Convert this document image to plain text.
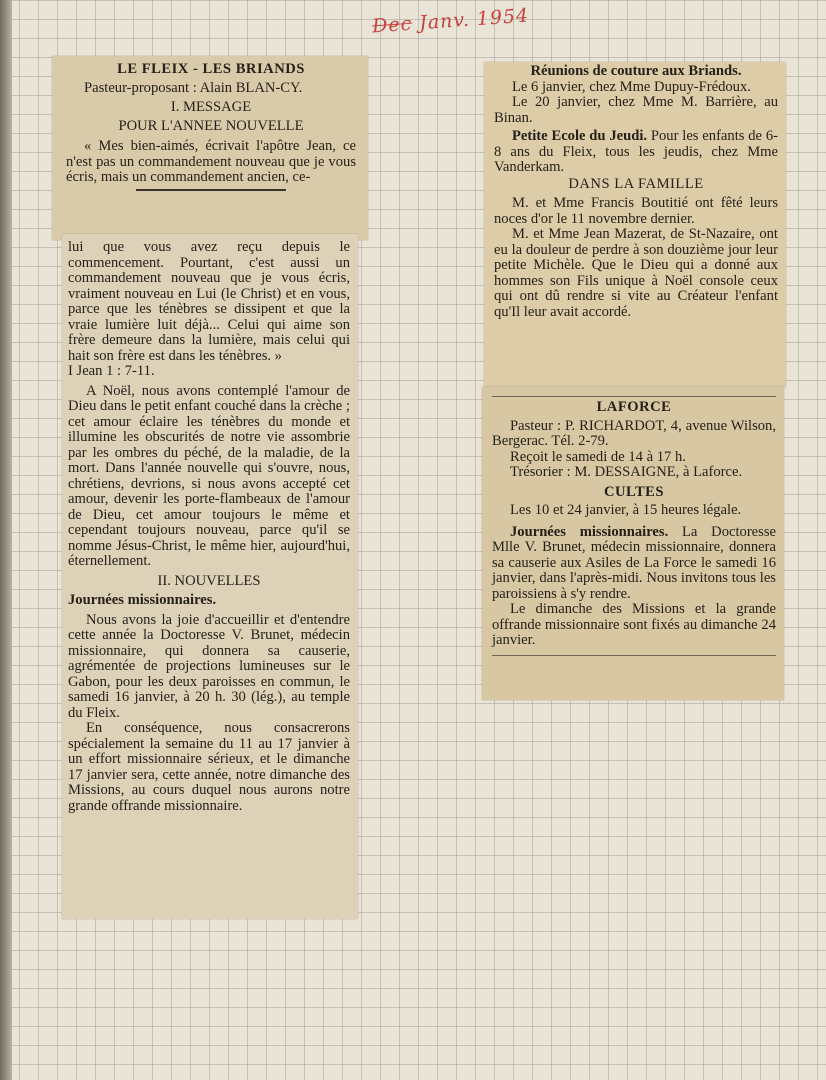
Dec Janv. 1954

LE FLEIX - LES BRIANDS

Pasteur-proposant : Alain BLAN-CY.

I. MESSAGE

POUR L'ANNEE NOUVELLE

« Mes bien-aimés, écrivait l'apôtre Jean, ce n'est pas un commandement nouveau que je vous écris, mais un commandement ancien, ce-

lui que vous avez reçu depuis le commencement. Pourtant, c'est aussi un commandement nouveau que je vous écris, vraiment nouveau en Lui (le Christ) et en vous, parce que les ténèbres se dissipent et que la vraie lumière luit déjà... Celui qui aime son frère demeure dans la lumière, mais celui qui hait son frère est dans les ténèbres. »

I Jean 1 : 7-11.

A Noël, nous avons contemplé l'amour de Dieu dans le petit enfant couché dans la crèche ; cet amour éclaire les ténèbres du monde et illumine les obscurités de notre vie assombrie par les ombres du péché, de la maladie, de la mort. Dans l'année nouvelle qui s'ouvre, nous, chrétiens, devrions, si nous avons accepté cet amour, devenir les porte-flambeaux de l'amour de Dieu, cet amour toujours le même et cependant toujours nouveau, parce qu'il se nomme Jésus-Christ, le même hier, aujourd'hui, éternellement.

II. NOUVELLES

Journées missionnaires.

Nous avons la joie d'accueillir et d'entendre cette année la Doctoresse V. Brunet, médecin missionnaire, qui donnera sa causerie, agrémentée de projections lumineuses sur le Gabon, pour les deux paroisses en commun, le samedi 16 janvier, à 20 h. 30 (lég.), au temple du Fleix.

En conséquence, nous consacrerons spécialement la semaine du 11 au 17 janvier à un effort missionnaire sérieux, et le dimanche 17 janvier sera, cette année, notre dimanche des Missions, au cours duquel nous aurons notre grande offrande missionnaire.

Réunions de couture aux Briands.

Le 6 janvier, chez Mme Dupuy-Frédoux.

Le 20 janvier, chez Mme M. Barrière, au Binan.

Petite Ecole du Jeudi. Pour les enfants de 6-8 ans du Fleix, tous les jeudis, chez Mme Vanderkam.

DANS LA FAMILLE

M. et Mme Francis Boutitié ont fêté leurs noces d'or le 11 novembre dernier.

M. et Mme Jean Mazerat, de St-Nazaire, ont eu la douleur de perdre à son douzième jour leur petite Michèle. Que le Dieu qui a donné aux hommes son Fils unique à Noël console ceux qui ont dû rendre si vite au Créateur l'enfant qu'Il leur avait accordé.

LAFORCE

Pasteur : P. RICHARDOT, 4, avenue Wilson, Bergerac. Tél. 2-79.

Reçoit le samedi de 14 à 17 h.

Trésorier : M. DESSAIGNE, à Laforce.

CULTES

Les 10 et 24 janvier, à 15 heures légale.

Journées missionnaires. La Doctoresse Mlle V. Brunet, médecin missionnaire, donnera sa causerie aux Asiles de La Force le samedi 16 janvier, dans l'après-midi. Nous invitons tous les paroissiens à s'y rendre.

Le dimanche des Missions et la grande offrande missionnaire sont fixés au dimanche 24 janvier.
